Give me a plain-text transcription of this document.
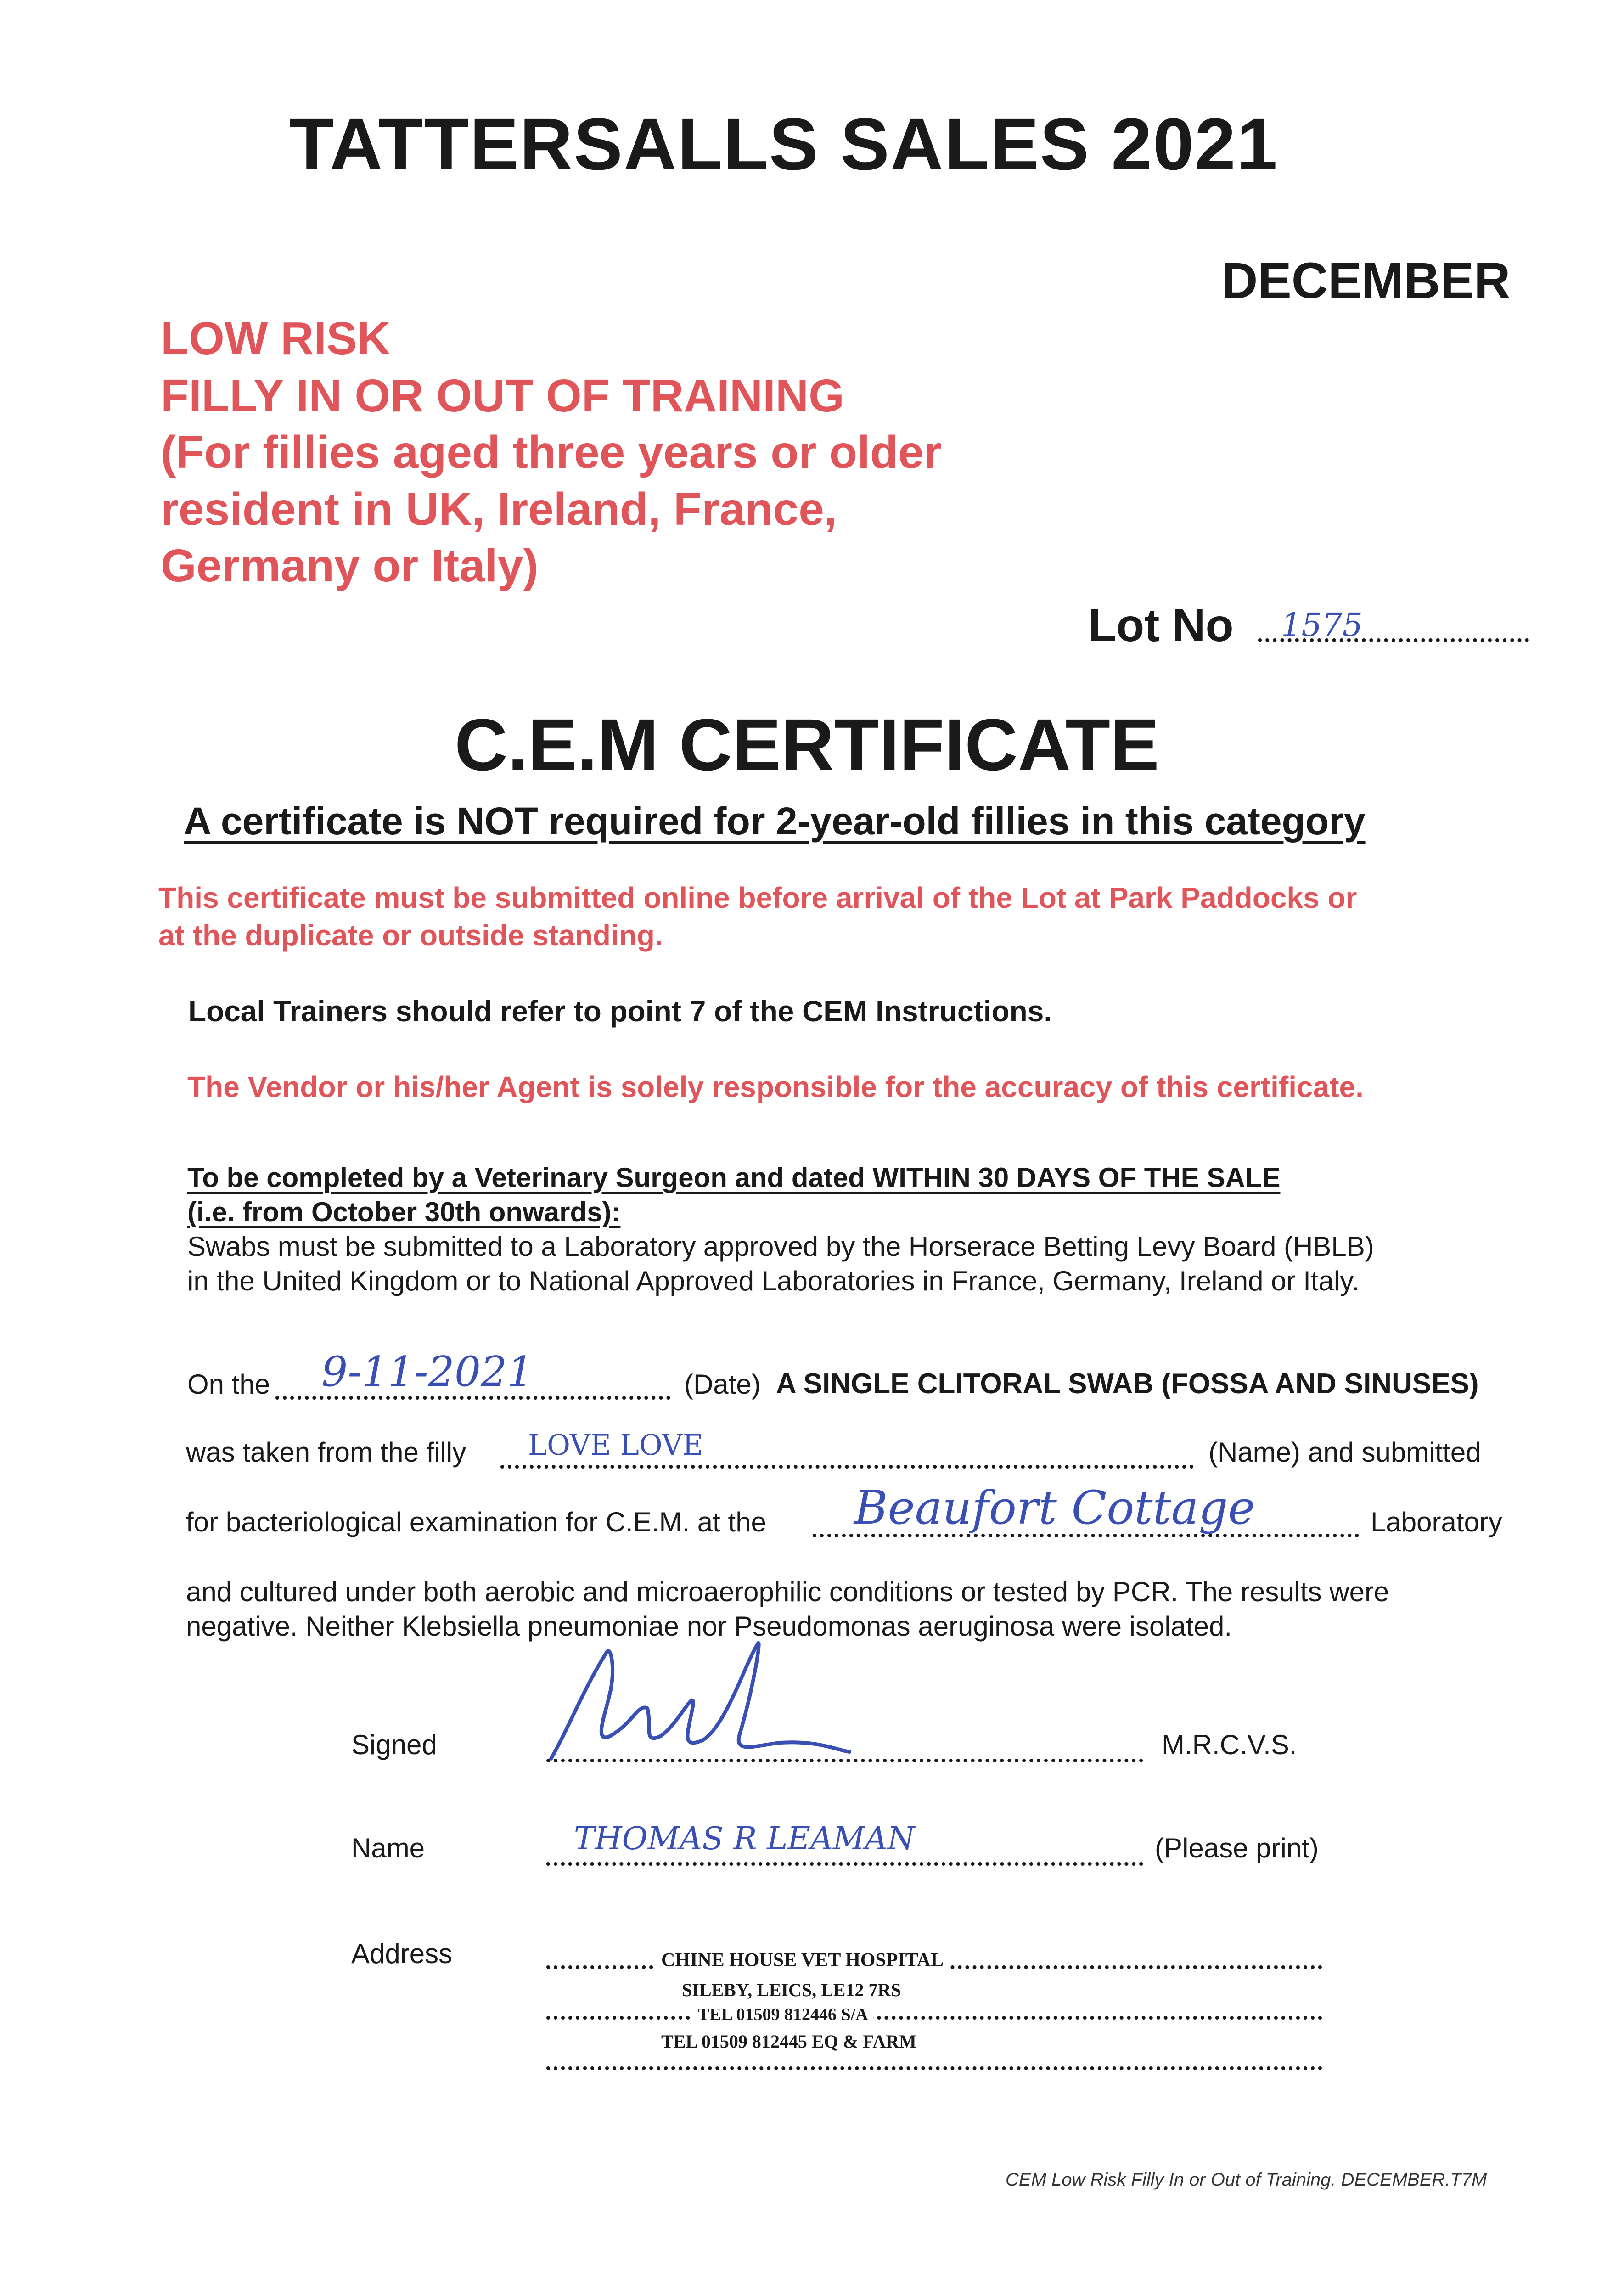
TATTERSALLS SALES 2021
DECEMBER
LOW RISK
FILLY IN OR OUT OF TRAINING
(For fillies aged three years or older
resident in UK, Ireland, France,
Germany or Italy)
Lot No 1575
C.E.M CERTIFICATE
A certificate is NOT required for 2-year-old fillies in this category
This certificate must be submitted online before arrival of the Lot at Park Paddocks or
at the duplicate or outside standing.
Local Trainers should refer to point 7 of the CEM Instructions.
The Vendor or his/her Agent is solely responsible for the accuracy of this certificate.
To be completed by a Veterinary Surgeon and dated WITHIN 30 DAYS OF THE SALE
(i.e. from October 30th onwards):
Swabs must be submitted to a Laboratory approved by the Horserace Betting Levy Board (HBLB)
in the United Kingdom or to National Approved Laboratories in France, Germany, Ireland or Italy.
On the 9-11-2021	(Date) A SINGLE CLITORAL SWAB (FOSSA AND SINUSES)
was taken from the filly LOVE LOVE	(Name) and submitted
for bacteriological examination for C.E.M. at the Beaufort Cottage	Laboratory
and cultured under both aerobic and microaerophilic conditions or tested by PCR. The results were
negative. Neither Klebsiella pneumoniae nor Pseudomonas aeruginosa were isolated.
Signed	M.R.C.V.S.
Name	THOMAS R LEAMAN	(Please print)
Address	CHINE HOUSE VET HOSPITAL
SILEBY, LEICS, LE12 7RS
TEL 01509 812446 S/A
TEL 01509 812445 EQ & FARM
CEM Low Risk Filly In or Out of Training. DECEMBER.T7M
